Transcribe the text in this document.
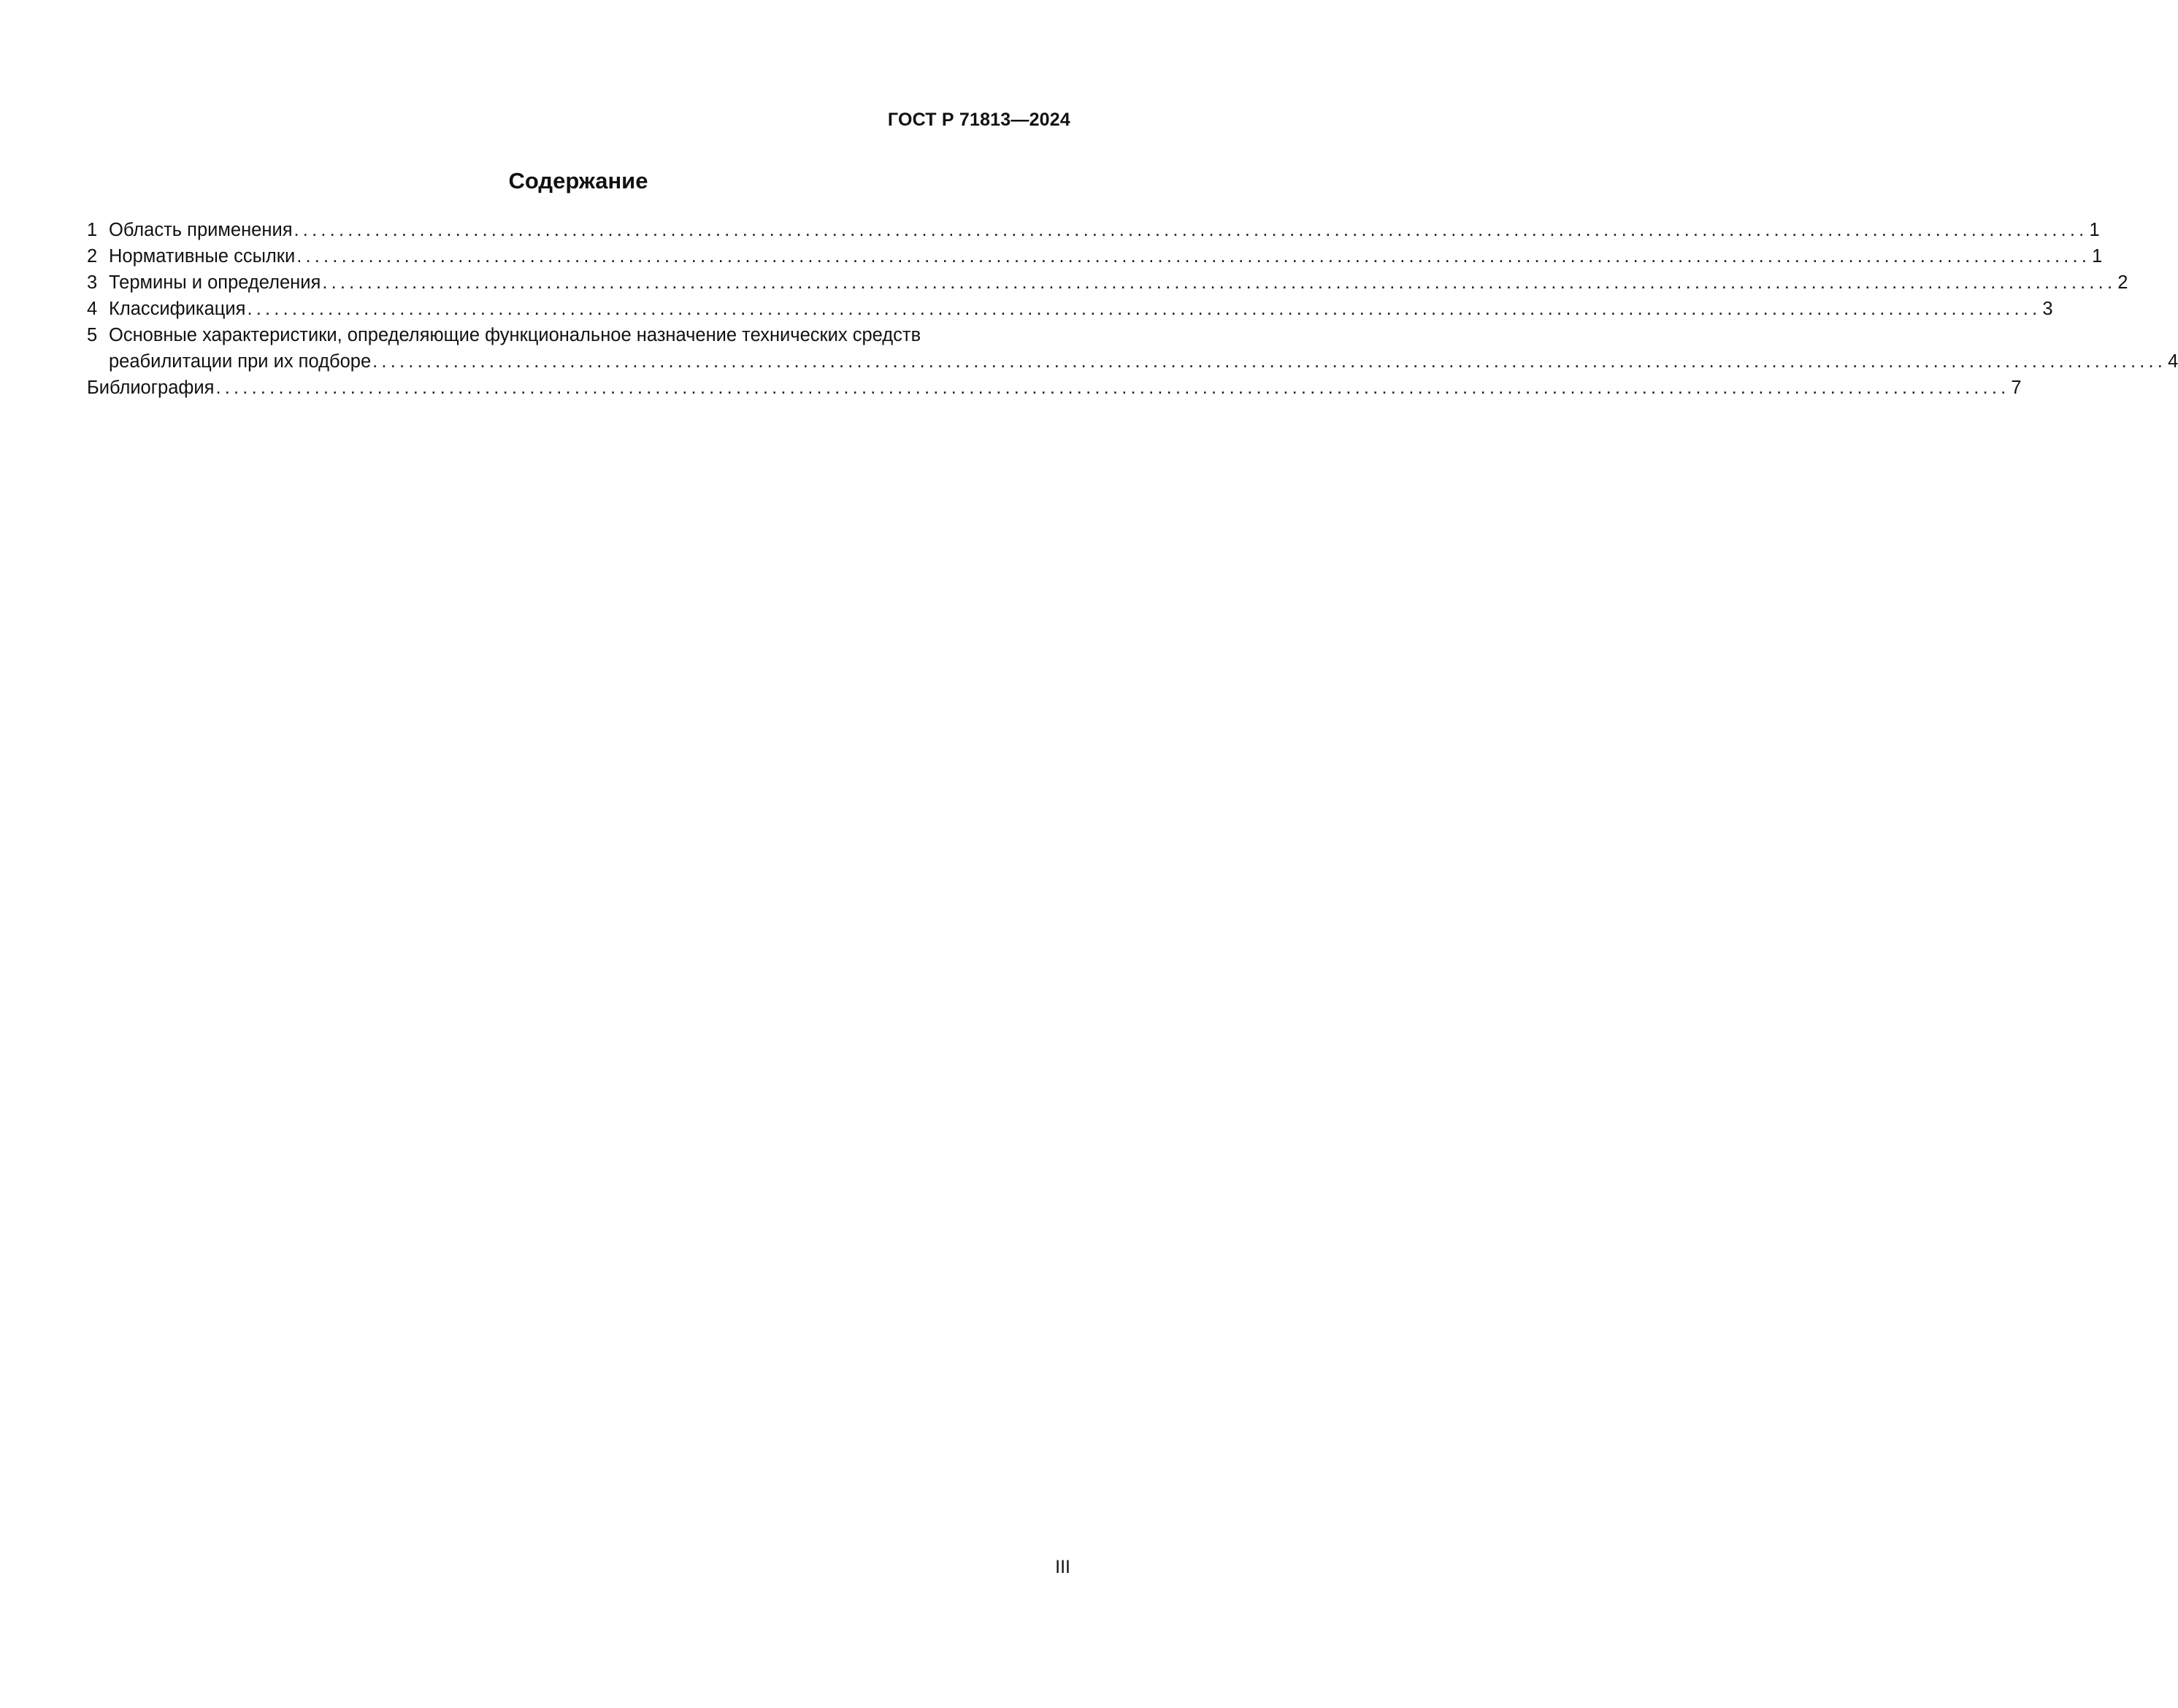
ГОСТ Р 71813—2024
Содержание
1 Область применения ........................................................................................................................................................................................................ 1
2 Нормативные ссылки ........................................................................................................................................................................................................ 1
3 Термины и определения ........................................................................................................................................................................................................ 2
4 Классификация ........................................................................................................................................................................................................ 3
5 Основные характеристики, определяющие функциональное назначение технических средств
реабилитации при их подборе ........................................................................................................................................................................................................ 4
Библиография ........................................................................................................................................................................................................ 7
III
